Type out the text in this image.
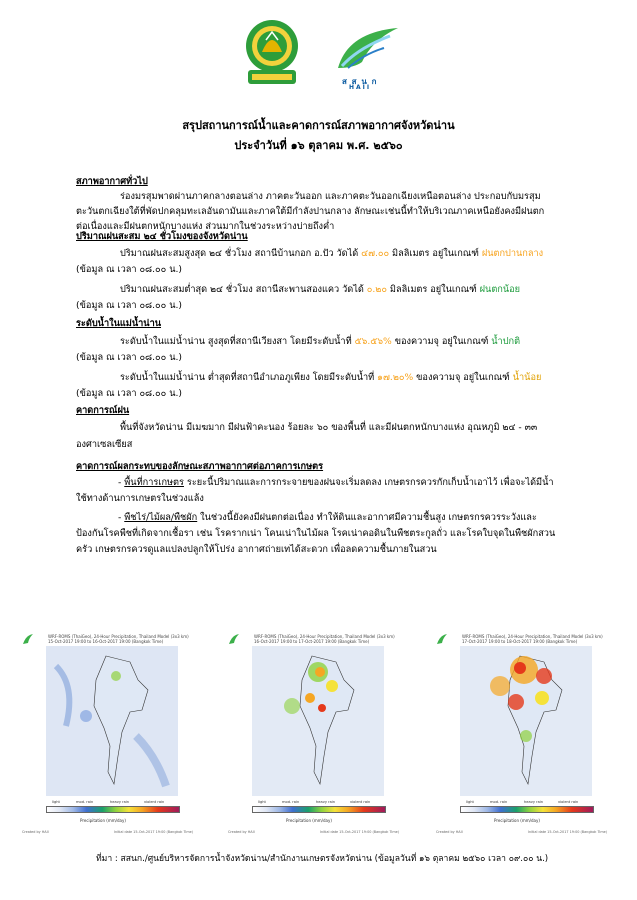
ส ส น ก
HAII
สรุปสถานการณ์น้ำและคาดการณ์สภาพอากาศจังหวัดน่าน
ประจำวันที่ ๑๖ ตุลาคม พ.ศ. ๒๕๖๐
สภาพอากาศทั่วไป
ร่องมรสุมพาดผ่านภาคกลางตอนล่าง ภาคตะวันออก และภาคตะวันออกเฉียงเหนือตอนล่าง ประกอบกับมรสุม
ตะวันตกเฉียงใต้ที่พัดปกคลุมทะเลอันดามันและภาคใต้มีกำลังปานกลาง ลักษณะเช่นนี้ทำให้บริเวณภาคเหนือยังคงมีฝนตก
ต่อเนื่องและมีฝนตกหนักบางแห่ง ส่วนมากในช่วงระหว่างบ่ายถึงค่ำ
ปริมาณฝนสะสม ๒๔ ชั่วโมงของจังหวัดน่าน
ปริมาณฝนสะสมสูงสุด ๒๔ ชั่วโมง สถานีบ้านกอก อ.ปัว วัดได้ ๔๗.๐๐ มิลลิเมตร อยู่ในเกณฑ์ ฝนตกปานกลาง
(ข้อมูล ณ เวลา ๐๘.๐๐ น.)
ปริมาณฝนสะสมต่ำสุด ๒๔ ชั่วโมง สถานีสะพานสองแคว วัดได้ ๐.๒๐ มิลลิเมตร อยู่ในเกณฑ์ ฝนตกน้อย
(ข้อมูล ณ เวลา ๐๘.๐๐ น.)
ระดับน้ำในแม่น้ำน่าน
ระดับน้ำในแม่น้ำน่าน สูงสุดที่สถานีเวียงสา โดยมีระดับน้ำที่ ๕๖.๕๖% ของความจุ อยู่ในเกณฑ์ น้ำปกติ
(ข้อมูล ณ เวลา ๐๘.๐๐ น.)
ระดับน้ำในแม่น้ำน่าน ต่ำสุดที่สถานีอำเภอภูเพียง โดยมีระดับน้ำที่ ๑๗.๒๐% ของความจุ อยู่ในเกณฑ์ น้ำน้อย
(ข้อมูล ณ เวลา ๐๘.๐๐ น.)
คาดการณ์ฝน
พื้นที่จังหวัดน่าน มีเมฆมาก มีฝนฟ้าคะนอง ร้อยละ ๖๐ ของพื้นที่ และมีฝนตกหนักบางแห่ง อุณหภูมิ ๒๔ - ๓๓
องศาเซลเซียส
คาดการณ์ผลกระทบของลักษณะสภาพอากาศต่อภาคการเกษตร
- พื้นที่การเกษตร ระยะนี้ปริมาณและการกระจายของฝนจะเริ่มลดลง เกษตรกรควรกักเก็บน้ำเอาไว้ เพื่อจะได้มีน้ำ
ใช้ทางด้านการเกษตรในช่วงแล้ง
- พืชไร่/ไม้ผล/พืชผัก ในช่วงนี้ยังคงมีฝนตกต่อเนื่อง ทำให้ดินและอากาศมีความชื้นสูง เกษตรกรควรระวังและ
ป้องกันโรคพืชที่เกิดจากเชื้อรา เช่น โรครากเน่า โคนเน่าในไม้ผล โรคเน่าคอดินในพืชตระกูลถั่ว และโรคใบจุดในพืชผักสวน
ครัว เกษตรกรควรดูแลแปลงปลูกให้โปร่ง อากาศถ่ายเทได้สะดวก เพื่อลดความชื้นภายในสวน
WRF-ROMS (ThaiGeo), 24-Hour Precipitation, Thailand Model (3x3 km)
15-Oct-2017 19:00 to 16-Oct-2017 19:00 (Bangkok Time)
light	mod. rain	heavy rain	violent rain
Precipitation (mm/day)
Created by HAII	Initial date 15-Oct-2017 19:00 (Bangkok Time)
WRF-ROMS (ThaiGeo), 24-Hour Precipitation, Thailand Model (3x3 km)
16-Oct-2017 19:00 to 17-Oct-2017 19:00 (Bangkok Time)
light	mod. rain	heavy rain	violent rain
Precipitation (mm/day)
Created by HAII	Initial date 15-Oct-2017 19:00 (Bangkok Time)
WRF-ROMS (ThaiGeo), 24-Hour Precipitation, Thailand Model (3x3 km)
17-Oct-2017 19:00 to 18-Oct-2017 19:00 (Bangkok Time)
light	mod. rain	heavy rain	violent rain
Precipitation (mm/day)
Created by HAII	Initial date 15-Oct-2017 19:00 (Bangkok Time)
ที่มา : สสนก./ศูนย์บริหารจัดการน้ำจังหวัดน่าน/สำนักงานเกษตรจังหวัดน่าน (ข้อมูลวันที่ ๑๖ ตุลาคม ๒๕๖๐ เวลา ๐๙.๐๐ น.)
